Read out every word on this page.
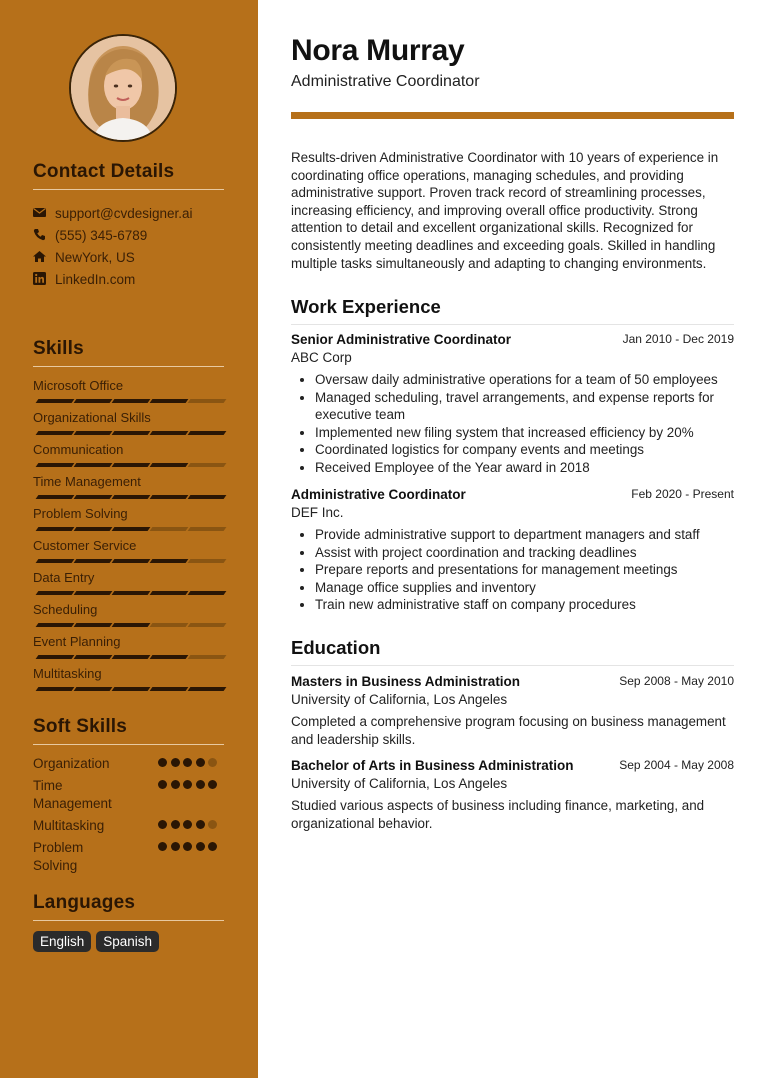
Contact Details
support@cvdesigner.ai
(555) 345-6789
NewYork, US
LinkedIn.com
Skills
Microsoft Office
Organizational Skills
Communication
Time Management
Problem Solving
Customer Service
Data Entry
Scheduling
Event Planning
Multitasking
Soft Skills
Organization
Time Management
Multitasking
Problem Solving
Languages
English	Spanish
Nora Murray
Administrative Coordinator

Results-driven Administrative Coordinator with 10 years of experience in coordinating office operations, managing schedules, and providing administrative support. Proven track record of streamlining processes, increasing efficiency, and improving overall office productivity. Strong attention to detail and excellent organizational skills. Recognized for consistently meeting deadlines and exceeding goals. Skilled in handling multiple tasks simultaneously and adapting to changing environments.

Work Experience
Senior Administrative Coordinator	Jan 2010 - Dec 2019
ABC Corp
• Oversaw daily administrative operations for a team of 50 employees
• Managed scheduling, travel arrangements, and expense reports for executive team
• Implemented new filing system that increased efficiency by 20%
• Coordinated logistics for company events and meetings
• Received Employee of the Year award in 2018
Administrative Coordinator	Feb 2020 - Present
DEF Inc.
• Provide administrative support to department managers and staff
• Assist with project coordination and tracking deadlines
• Prepare reports and presentations for management meetings
• Manage office supplies and inventory
• Train new administrative staff on company procedures
Education
Masters in Business Administration	Sep 2008 - May 2010
University of California, Los Angeles
Completed a comprehensive program focusing on business management and leadership skills.
Bachelor of Arts in Business Administration	Sep 2004 - May 2008
University of California, Los Angeles
Studied various aspects of business including finance, marketing, and organizational behavior.
